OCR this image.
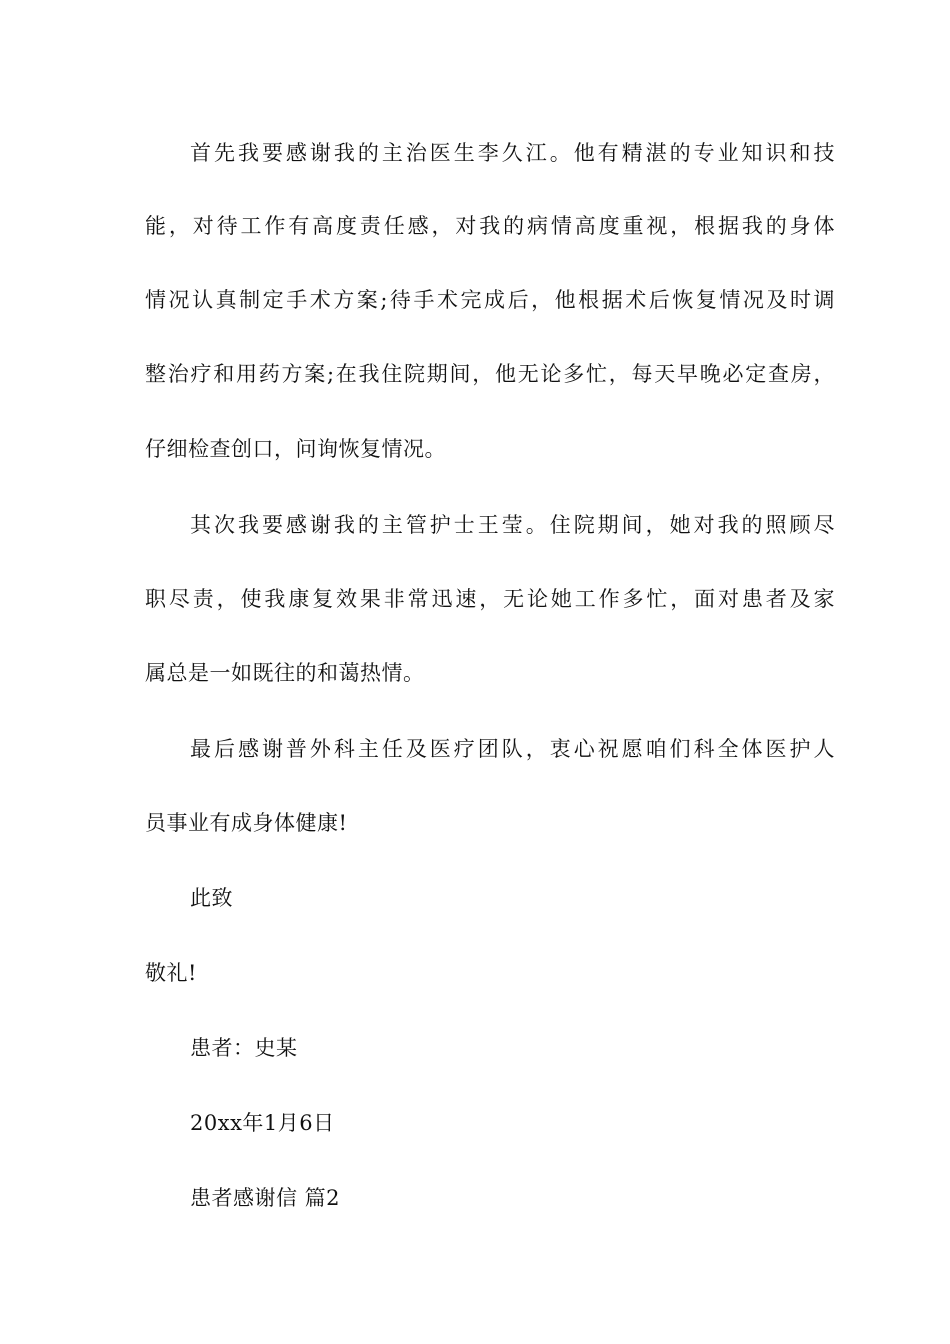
首先我要感谢我的主治医生李久江。他有精湛的专业知识和技
能，对待工作有高度责任感，对我的病情高度重视，根据我的身体
情况认真制定手术方案;待手术完成后，他根据术后恢复情况及时调
整治疗和用药方案;在我住院期间，他无论多忙，每天早晚必定查房，
仔细检查创口，问询恢复情况。
其次我要感谢我的主管护士王莹。住院期间，她对我的照顾尽
职尽责，使我康复效果非常迅速，无论她工作多忙，面对患者及家
属总是一如既往的和蔼热情。
最后感谢普外科主任及医疗团队，衷心祝愿咱们科全体医护人
员事业有成身体健康!
此致
敬礼!
患者：史某
20xx年1月6日
患者感谢信 篇2
